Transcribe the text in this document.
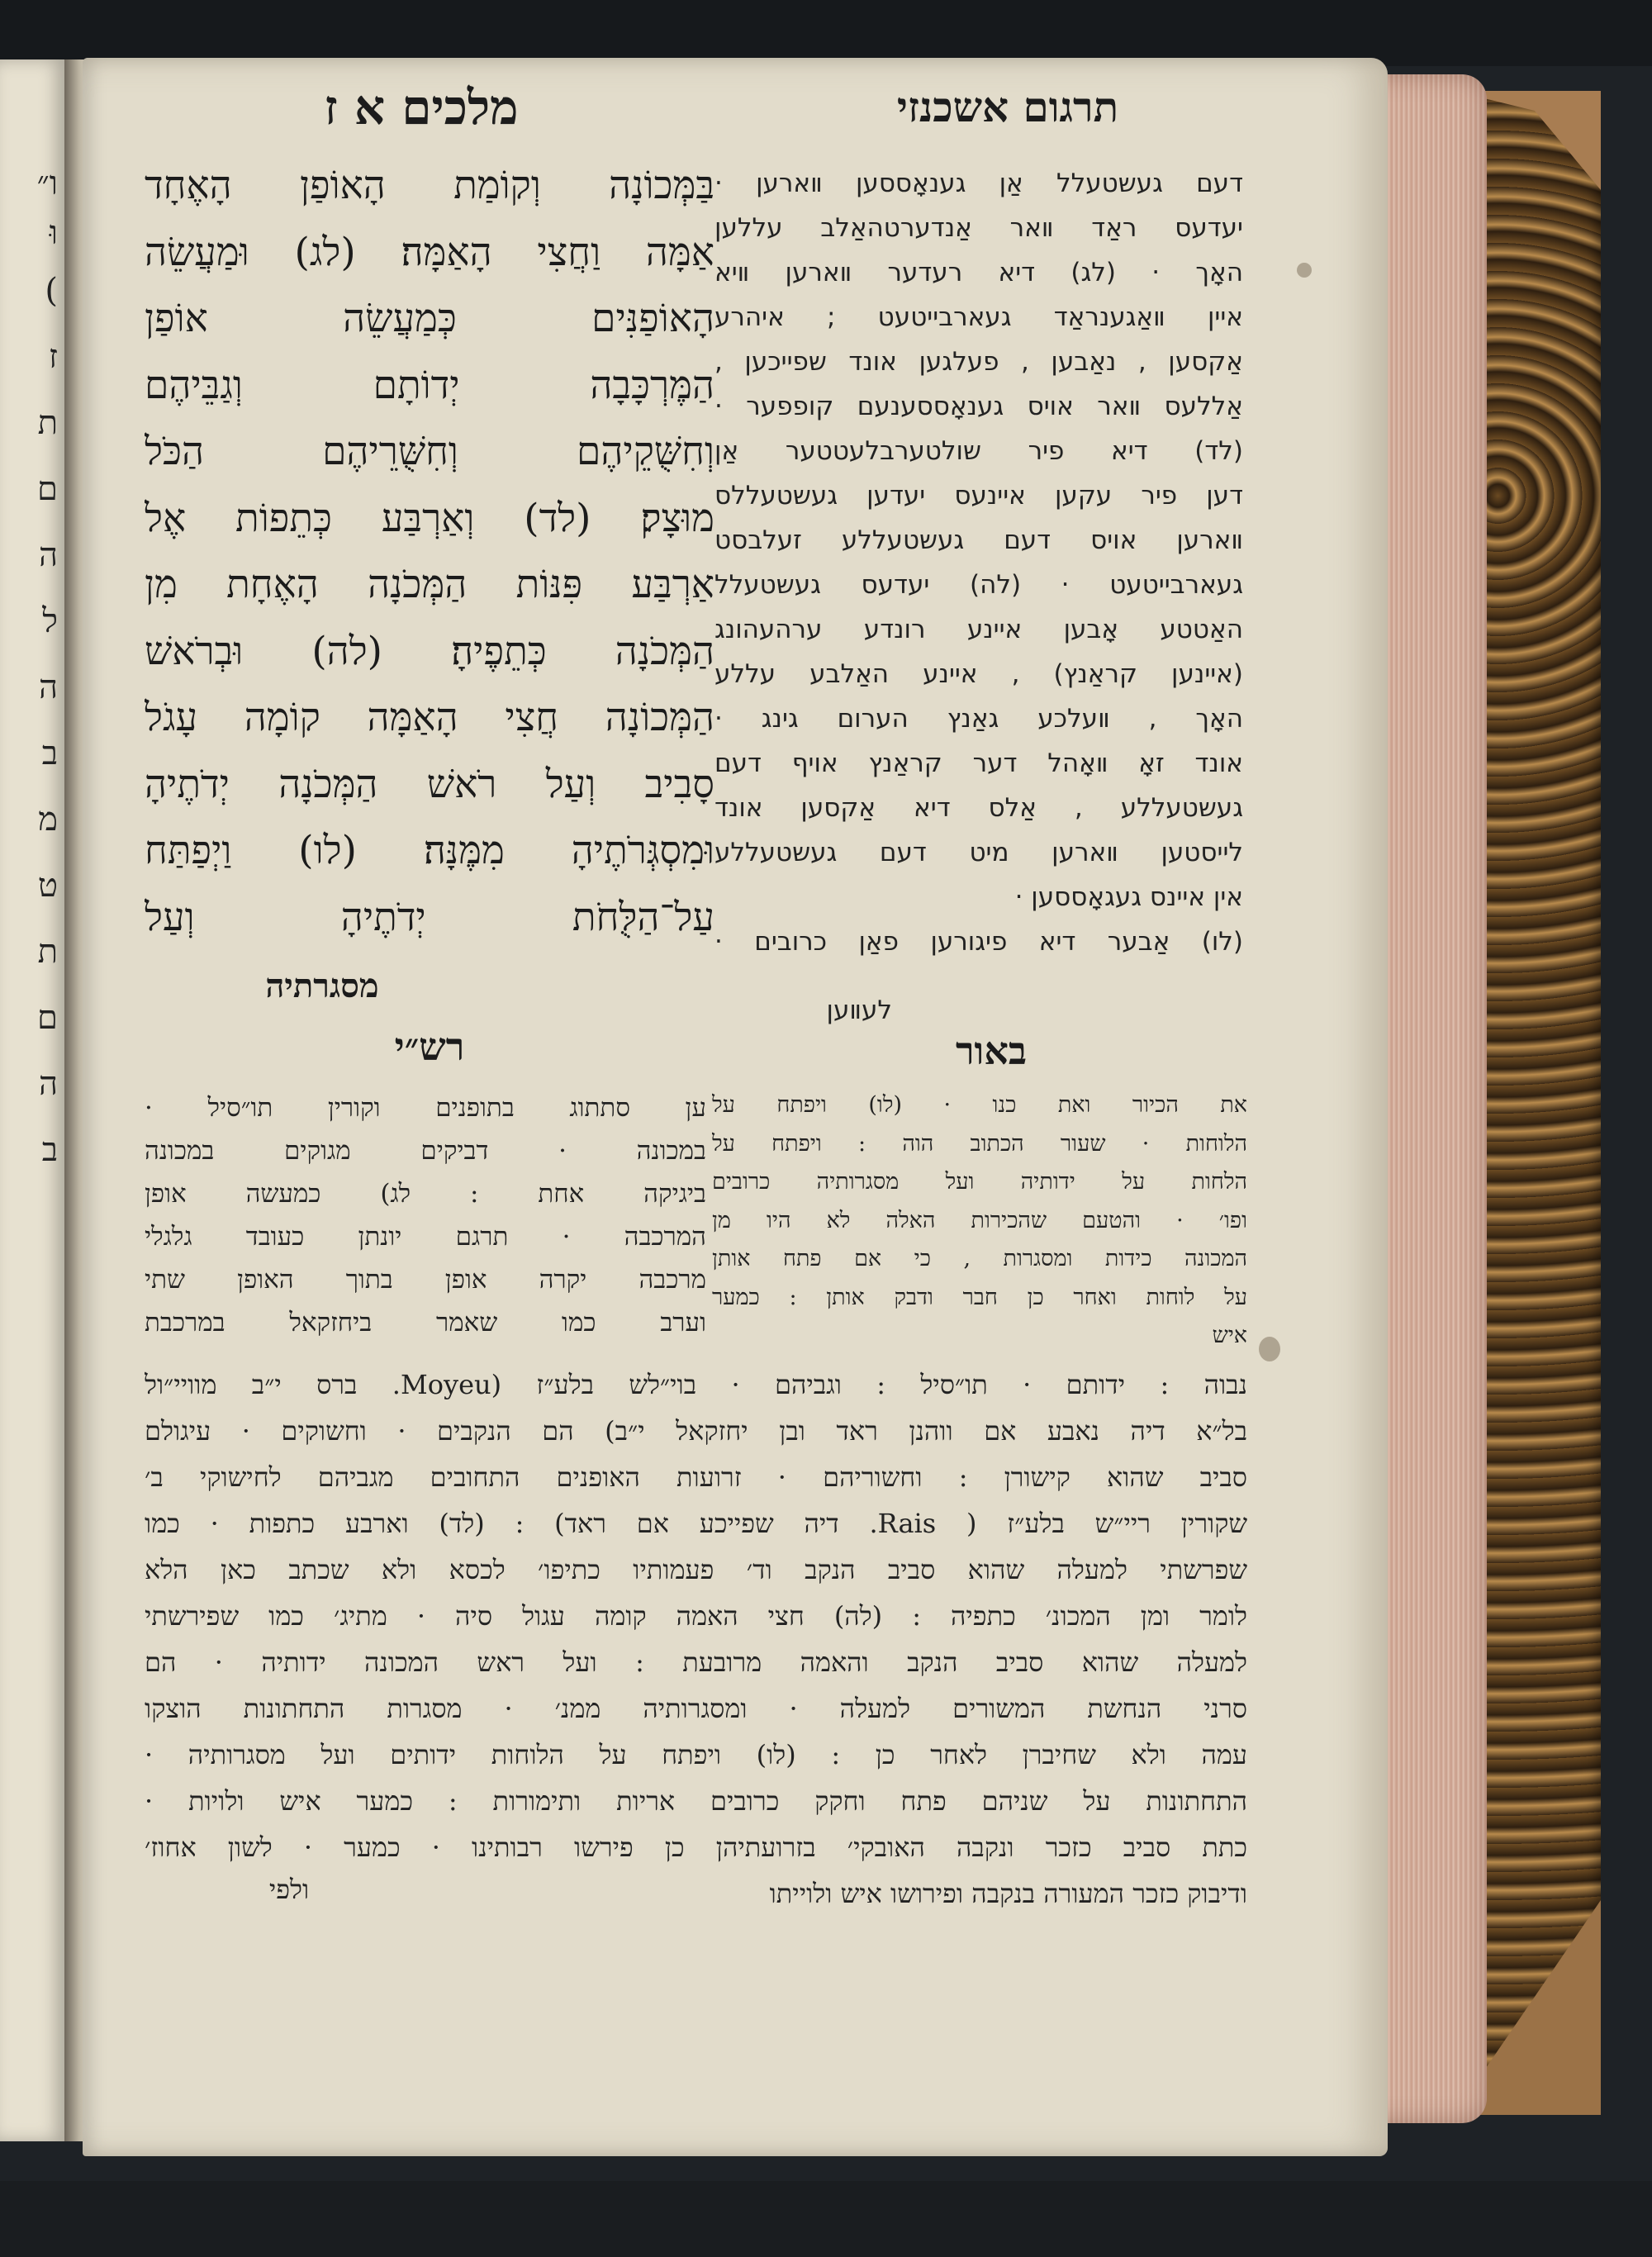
ו״
וּ
)
ז
ת
ם
ה
ל
ה
ב
מ
ט
ת
ם
ה
ב
מלכים א ז	תרגום אשכנזי
בַּמְּכוֹנָה וְקוֹמַת הָאוֹפַן הָאֶחָד
אַמָּה וַחֲצִי הָאַמָּה׃ (לג) וּמַעֲשֵׂה
הָאוֹפַנִּים כְּמַעֲשֵׂה אוֹפַן
הַמֶּרְכָּבָה יְדוֹתָם וְגַבֵּיהֶם
וְחִשֻּׁקֵיהֶם וְחִשֻּׁרֵיהֶם הַכֹּל
מוּצָק׃ (לד) וְאַרְבַּע כְּתֵפוֹת אֶל
אַרְבַּע פִּנּוֹת הַמְּכֹנָה הָאֶחָת מִן
הַמְּכֹנָה כְּתֵפֶיהָ׃ (לה) וּבְרֹאשׁ
הַמְּכוֹנָה חֲצִי הָאַמָּה קוֹמָה עָגֹל
סָבִיב וְעַל רֹאשׁ הַמְּכֹנָה יְדֹתֶיהָ
וּמִסְגְּרֹתֶיהָ מִמֶּנָּה׃ (לו) וַיְפַתַּח
עַל־הַלֻּחֹת יְדֹתֶיהָ וְעַל
מסגרתיה
דעם געשטעלל אַן גענאָססען װארען ·
יעדעס ראַד װאר אַנדערטהאַלב עללען
האָך · (לג) דיא רעדער װארען װיא
איין װאַגענראַד געארבייטעט ; איהרע
אַקסען , נאַבען , פעלגען אונד שפייכען ,
אַללעס װאר אויס גענאָססענעם קופפער ·
(לד) דיא פיר שולטערבלעטטער אַן
דען פיר עקען איינעס יעדען געשטעללס
װארען אויס דעם געשטעללע זעלבסט
געארבייטעט · (לה) יעדעס געשטעלל
האַטטע אָבען איינע רונדע ערהעהונג
(איינען קראַנץ) , איינע האַלבע עללע
האָך , װעלכע גאַנץ הערום גינג ·
אונד זאָ װאָהל דער קראַנץ אויף דעם
געשטעללע , אַלס דיא אַקסען אונד
לייסטען װארען מיט דעם געשטעללע
אין איינס געגאָססען ·
(לו) אַבער דיא פיגורען פאַן כרובים ·
לעװען
רש״י	באור
ען סתתוג בתופנים וקורין תו״סיל ·
במכונה · דביקים מגוקים במכונה
ביגיקה אחת : לג) כמעשה אופן
המרכבה · תרגם יונתן כעובד גלגלי
מרכבה יקרה אופן בתוך האופן שתי
וערב כמו שאמר ביחזקאל במרכבת
את הכיור ואת כנו · (לו) ויפתח על
הלוחות · שעור הכתוב הוה : ויפתח על
הלחות על ידותיה ועל מסגרותיה כרובים
ופו׳ · והטעם שהכירות האלה לא היו מן
המכונה כידות ומסגרות , כי אם פתח אותן
על לוחות ואחר כן חבר ודבק אותן : כמער
איש
נבוה : ידותם · תו״סיל : וגביהם · בוי״לש בלע״ז (Moyeu. ברס י״ב מוויי״ול
בל״א דיה נאבע אם ווהנן ראד ובן יחזקאל י״ב) הם הנקבים · וחשוקים · עיגולם
סביב שהוא קישורן : וחשוריהם · זרועות האופנים התחובים מגביהם לחישוקי ב׳
שקורין ריי״ש בלע״ז ( Rais. דיה שפייכע אם ראד) : (לד) וארבע כתפות · כמו
שפרשתי למעלה שהוא סביב הנקב וד׳ פעמותיו כתיפו׳ לכסא ולא שכתב כאן הלא
לומר ומן המכונ׳ כתפיה : (לה) חצי האמה קומה עגול סיה · מתיג׳ כמו שפירשתי
למעלה שהוא סביב הנקב והאמה מרובעת : ועל ראש המכונה ידותיה · הם
סרני הנחשת המשורים למעלה · ומסגרותיה ממנ׳ · מסגרות התחתונות הוצקו
עמה ולא שחיברן לאחר כן : (לו) ויפתח על הלוחות ידותים ועל מסגרותיה ·
התחתונות על שניהם פתח וחקק כרובים אריות ותימורות : כמער איש ולויות ·
כתת סביב כזכר ונקבה האובקי׳ בזרועתיהן כן פירשו רבותינו · כמער · לשון אחוז׳
ודיבוק כזכר המעורה בנקבה ופירושו איש ולוייתו
ולפי
